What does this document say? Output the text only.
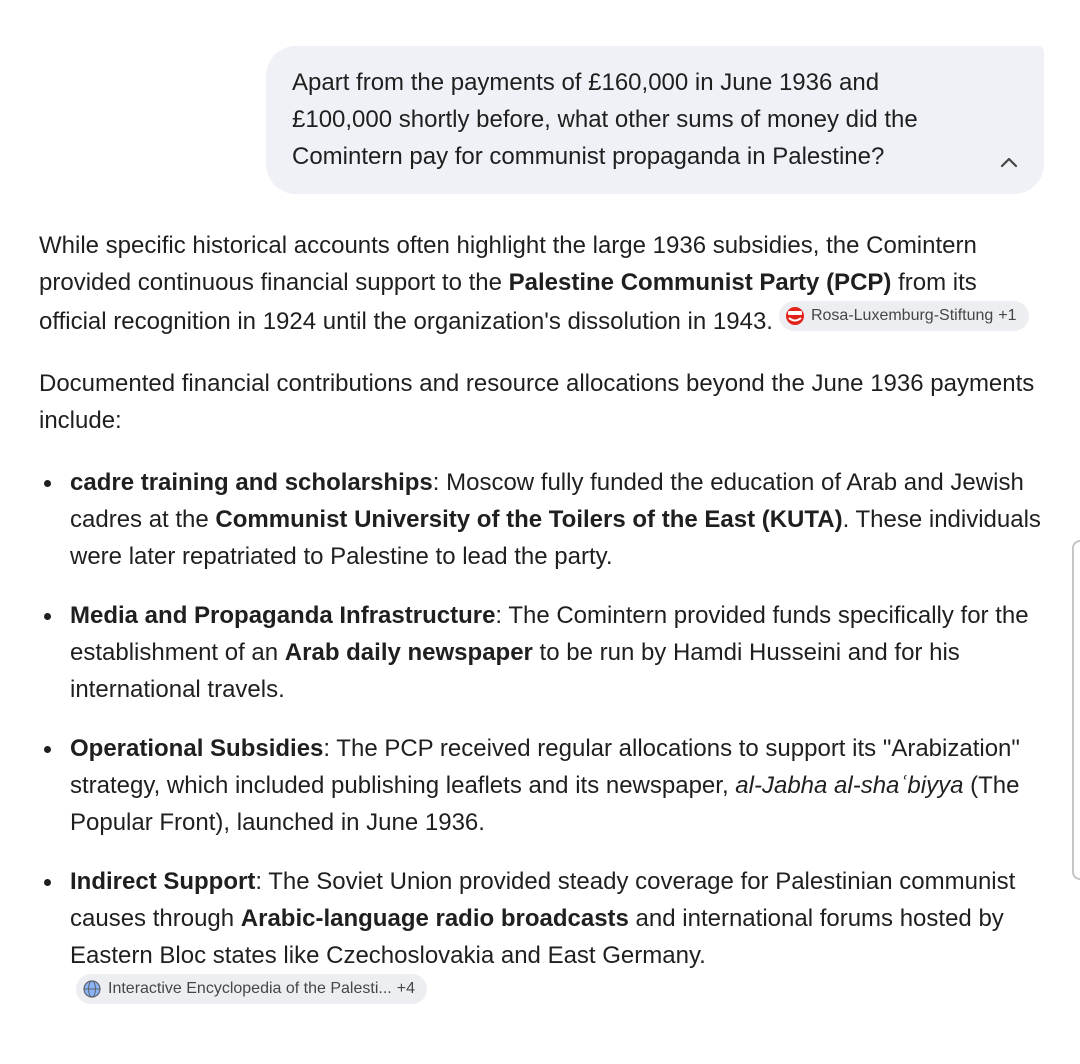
Apart from the payments of £160,000 in June 1936 and £100,000 shortly before, what other sums of money did the Comintern pay for communist propaganda in Palestine?

While specific historical accounts often highlight the large 1936 subsidies, the Comintern provided continuous financial support to the Palestine Communist Party (PCP) from its official recognition in 1924 until the organization's dissolution in 1943. Rosa-Luxemburg-Stiftung +1

Documented financial contributions and resource allocations beyond the June 1936 payments include:

cadre training and scholarships: Moscow fully funded the education of Arab and Jewish cadres at the Communist University of the Toilers of the East (KUTA). These individuals were later repatriated to Palestine to lead the party.
Media and Propaganda Infrastructure: The Comintern provided funds specifically for the establishment of an Arab daily newspaper to be run by Hamdi Husseini and for his international travels.
Operational Subsidies: The PCP received regular allocations to support its "Arabization" strategy, which included publishing leaflets and its newspaper, al-Jabha al-shaʿbiyya (The Popular Front), launched in June 1936.
Indirect Support: The Soviet Union provided steady coverage for Palestinian communist causes through Arabic-language radio broadcasts and international forums hosted by Eastern Bloc states like Czechoslovakia and East Germany.
Interactive Encyclopedia of the Palesti... +4
